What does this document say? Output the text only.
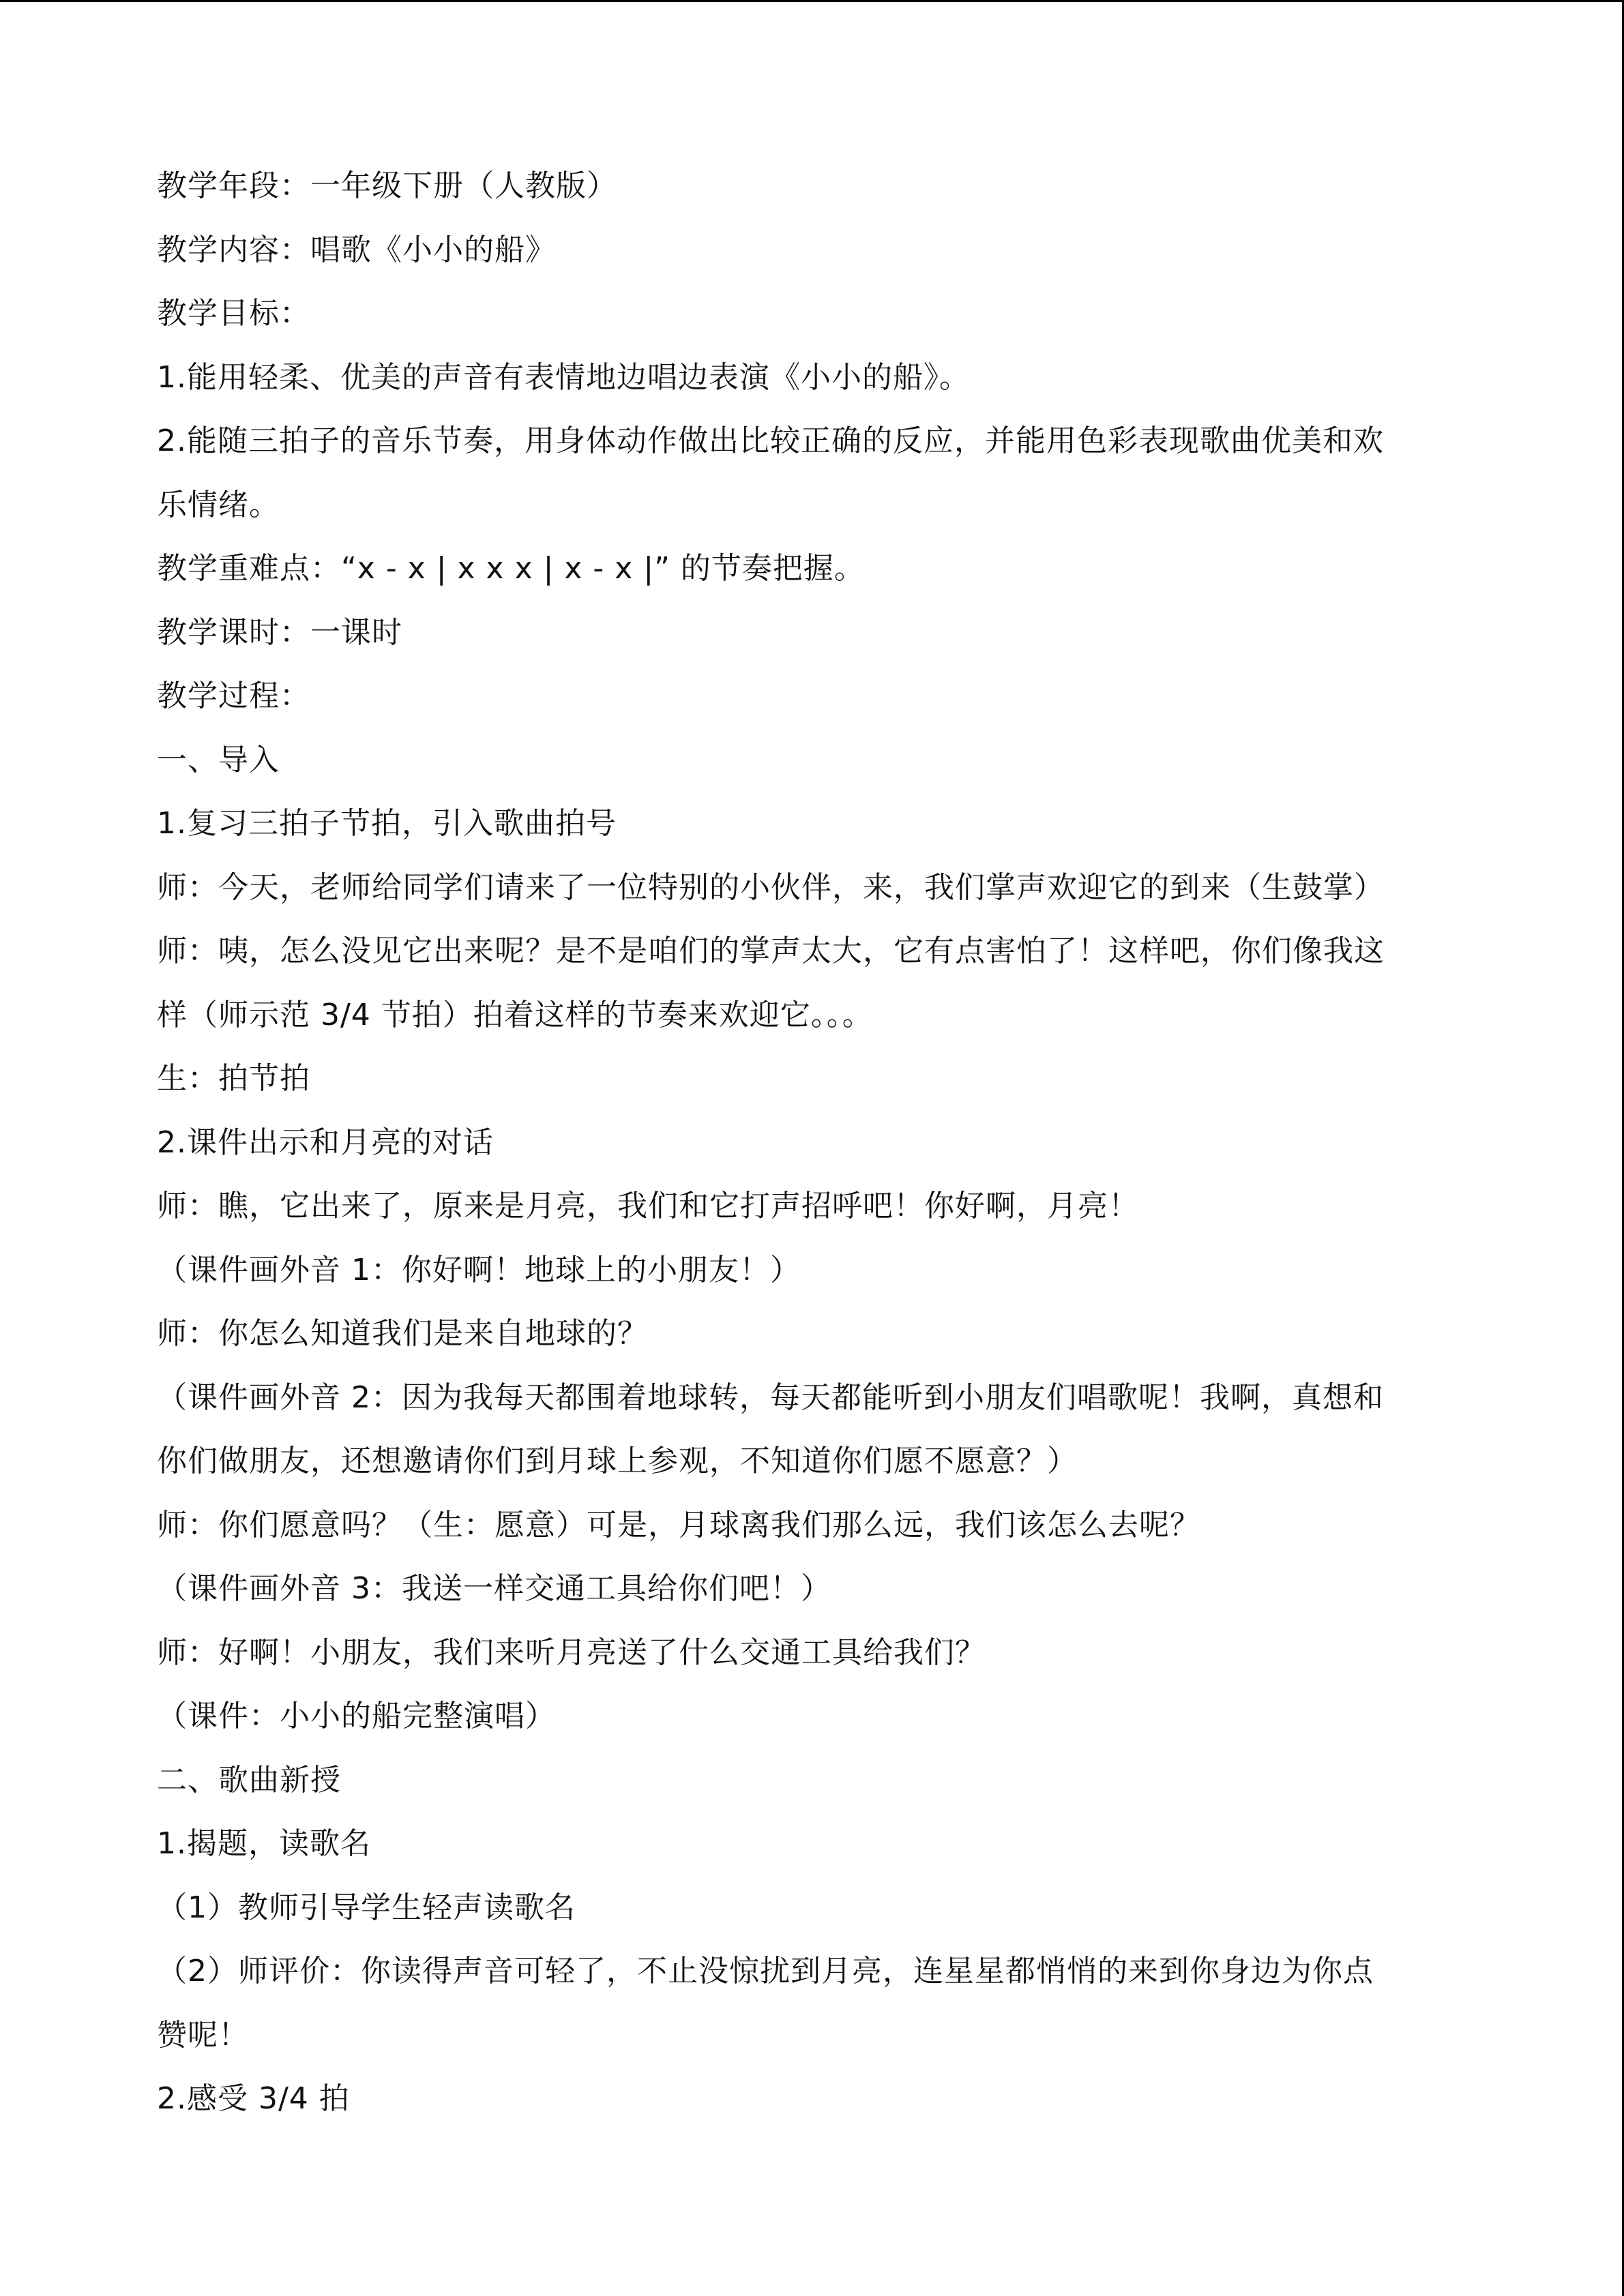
教学年段：一年级下册（人教版）
教学内容：唱歌《小小的船》
教学目标：
1.能用轻柔、优美的声音有表情地边唱边表演《小小的船》。
2.能随三拍子的音乐节奏，用身体动作做出比较正确的反应，并能用色彩表现歌曲优美和欢
乐情绪。
教学重难点：“x - x | x x x | x - x |” 的节奏把握。
教学课时：一课时
教学过程：
一、导入
1.复习三拍子节拍，引入歌曲拍号
师：今天，老师给同学们请来了一位特别的小伙伴，来，我们掌声欢迎它的到来（生鼓掌）
师：咦，怎么没见它出来呢？是不是咱们的掌声太大，它有点害怕了！这样吧，你们像我这
样（师示范 3/4 节拍）拍着这样的节奏来欢迎它。。。
生：拍节拍
2.课件出示和月亮的对话
师：瞧，它出来了，原来是月亮，我们和它打声招呼吧！你好啊，月亮！
（课件画外音 1：你好啊！地球上的小朋友！）
师：你怎么知道我们是来自地球的？
（课件画外音 2：因为我每天都围着地球转，每天都能听到小朋友们唱歌呢！我啊，真想和
你们做朋友，还想邀请你们到月球上参观，不知道你们愿不愿意？）
师：你们愿意吗？（生：愿意）可是，月球离我们那么远，我们该怎么去呢？
（课件画外音 3：我送一样交通工具给你们吧！）
师：好啊！小朋友，我们来听月亮送了什么交通工具给我们？
（课件：小小的船完整演唱）
二、歌曲新授
1.揭题，读歌名
（1）教师引导学生轻声读歌名
（2）师评价：你读得声音可轻了，不止没惊扰到月亮，连星星都悄悄的来到你身边为你点
赞呢！
2.感受 3/4 拍
